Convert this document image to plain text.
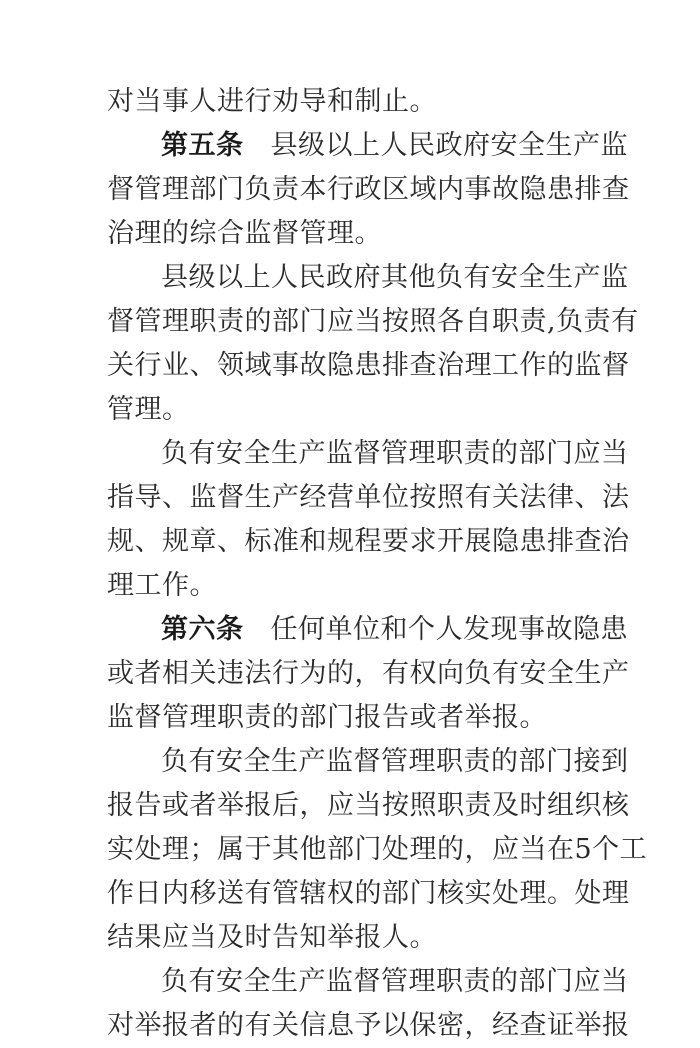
对当事人进行劝导和制止。
第五条 县级以上人民政府安全生产监
督管理部门负责本行政区域内事故隐患排查
治理的综合监督管理。
县级以上人民政府其他负有安全生产监
督管理职责的部门应当按照各自职责,负责有
关行业、领域事故隐患排查治理工作的监督
管理。
负有安全生产监督管理职责的部门应当
指导、监督生产经营单位按照有关法律、法
规、规章、标准和规程要求开展隐患排查治
理工作。
第六条 任何单位和个人发现事故隐患
或者相关违法行为的，有权向负有安全生产
监督管理职责的部门报告或者举报。
负有安全生产监督管理职责的部门接到
报告或者举报后，应当按照职责及时组织核
实处理；属于其他部门处理的，应当在5个工
作日内移送有管辖权的部门核实处理。处理
结果应当及时告知举报人。
负有安全生产监督管理职责的部门应当
对举报者的有关信息予以保密，经查证举报
